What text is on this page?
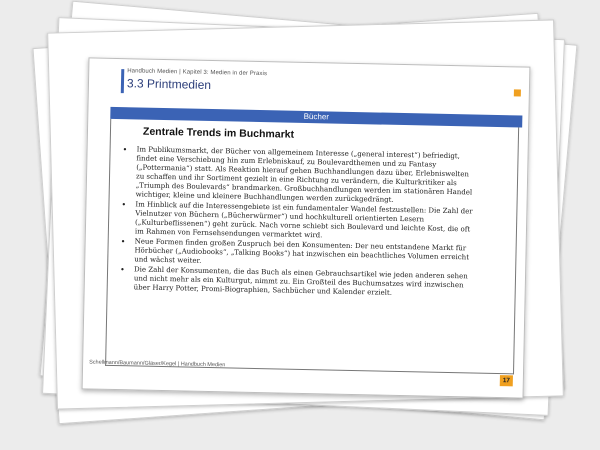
Handbuch Medien | Kapitel 3: Medien in der Praxis
3.3 Printmedien
Bücher
Zentrale Trends im Buchmarkt
• Im Publikumsmarkt, der Bücher von allgemeinem Interesse („general interest“) befriedigt, findet eine Verschiebung hin zum Erlebniskauf, zu Boulevardthemen und zu Fantasy („Pottermania“) statt. Als Reaktion hierauf gehen Buchhandlungen dazu über, Erlebniswelten zu schaffen und ihr Sortiment gezielt in eine Richtung zu verändern, die Kulturkritiker als „Triumph des Boulevards“ brandmarken. Großbuchhandlungen werden im stationären Handel wichtiger, kleine und kleinere Buchhandlungen werden zurückgedrängt.
• Im Hinblick auf die Interessengebiete ist ein fundamentaler Wandel festzustellen: Die Zahl der Vielnutzer von Büchern („Bücherwürmer“) und hochkulturell orientierten Lesern („Kulturbeflissenen“) geht zurück. Nach vorne schiebt sich Boulevard und leichte Kost, die oft im Rahmen von Fernsehsendungen vermarktet wird.
• Neue Formen finden großen Zuspruch bei den Konsumenten: Der neu entstandene Markt für Hörbücher („Audiobooks“, „Talking Books“) hat inzwischen ein beachtliches Volumen erreicht und wächst weiter.
• Die Zahl der Konsumenten, die das Buch als einen Gebrauchsartikel wie jeden anderen sehen und nicht mehr als ein Kulturgut, nimmt zu. Ein Großteil des Buchumsatzes wird inzwischen über Harry Potter, Promi-Biographien, Sachbücher und Kalender erzielt.
Schellmann/Baumann/Gläser/Kegel | Handbuch Medien
17
